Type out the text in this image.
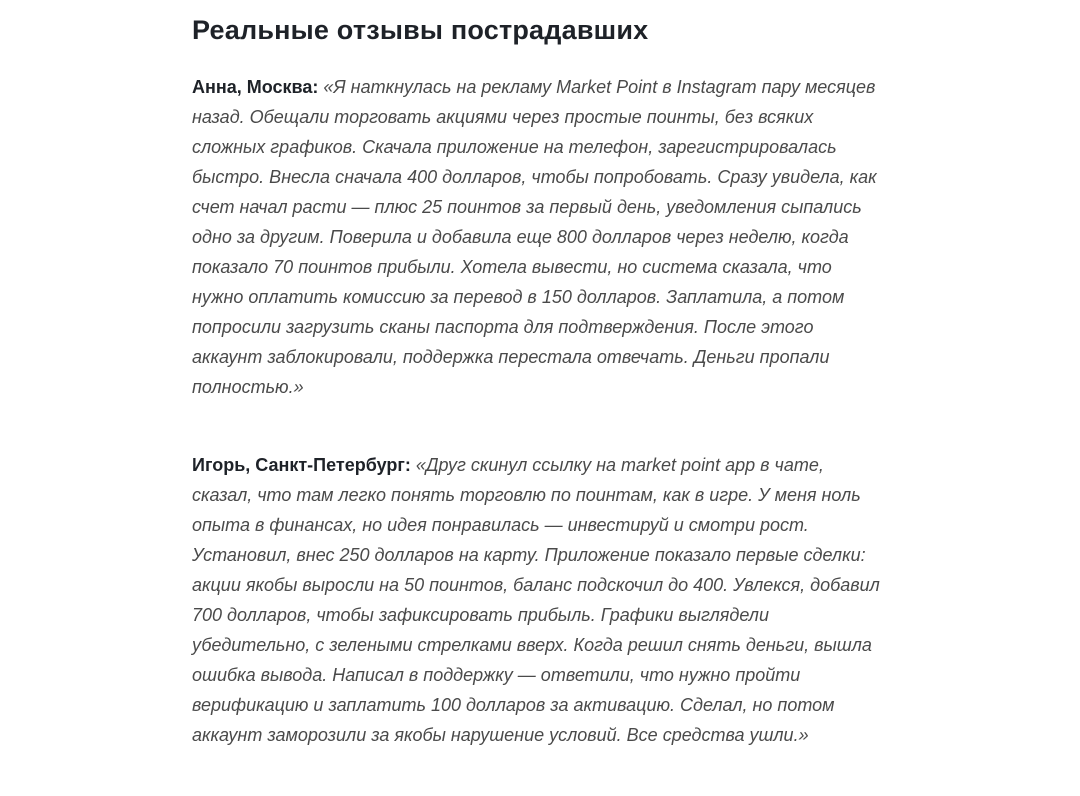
Реальные отзывы пострадавших

Анна, Москва: «Я наткнулась на рекламу Market Point в Instagram пару месяцев назад. Обещали торговать акциями через простые поинты, без всяких сложных графиков. Скачала приложение на телефон, зарегистрировалась быстро. Внесла сначала 400 долларов, чтобы попробовать. Сразу увидела, как счет начал расти — плюс 25 поинтов за первый день, уведомления сыпались одно за другим. Поверила и добавила еще 800 долларов через неделю, когда показало 70 поинтов прибыли. Хотела вывести, но система сказала, что нужно оплатить комиссию за перевод в 150 долларов. Заплатила, а потом попросили загрузить сканы паспорта для подтверждения. После этого аккаунт заблокировали, поддержка перестала отвечать. Деньги пропали полностью.»

Игорь, Санкт-Петербург: «Друг скинул ссылку на market point app в чате, сказал, что там легко понять торговлю по поинтам, как в игре. У меня ноль опыта в финансах, но идея понравилась — инвестируй и смотри рост. Установил, внес 250 долларов на карту. Приложение показало первые сделки: акции якобы выросли на 50 поинтов, баланс подскочил до 400. Увлекся, добавил 700 долларов, чтобы зафиксировать прибыль. Графики выглядели убедительно, с зелеными стрелками вверх. Когда решил снять деньги, вышла ошибка вывода. Написал в поддержку — ответили, что нужно пройти верификацию и заплатить 100 долларов за активацию. Сделал, но потом аккаунт заморозили за якобы нарушение условий. Все средства ушли.»
